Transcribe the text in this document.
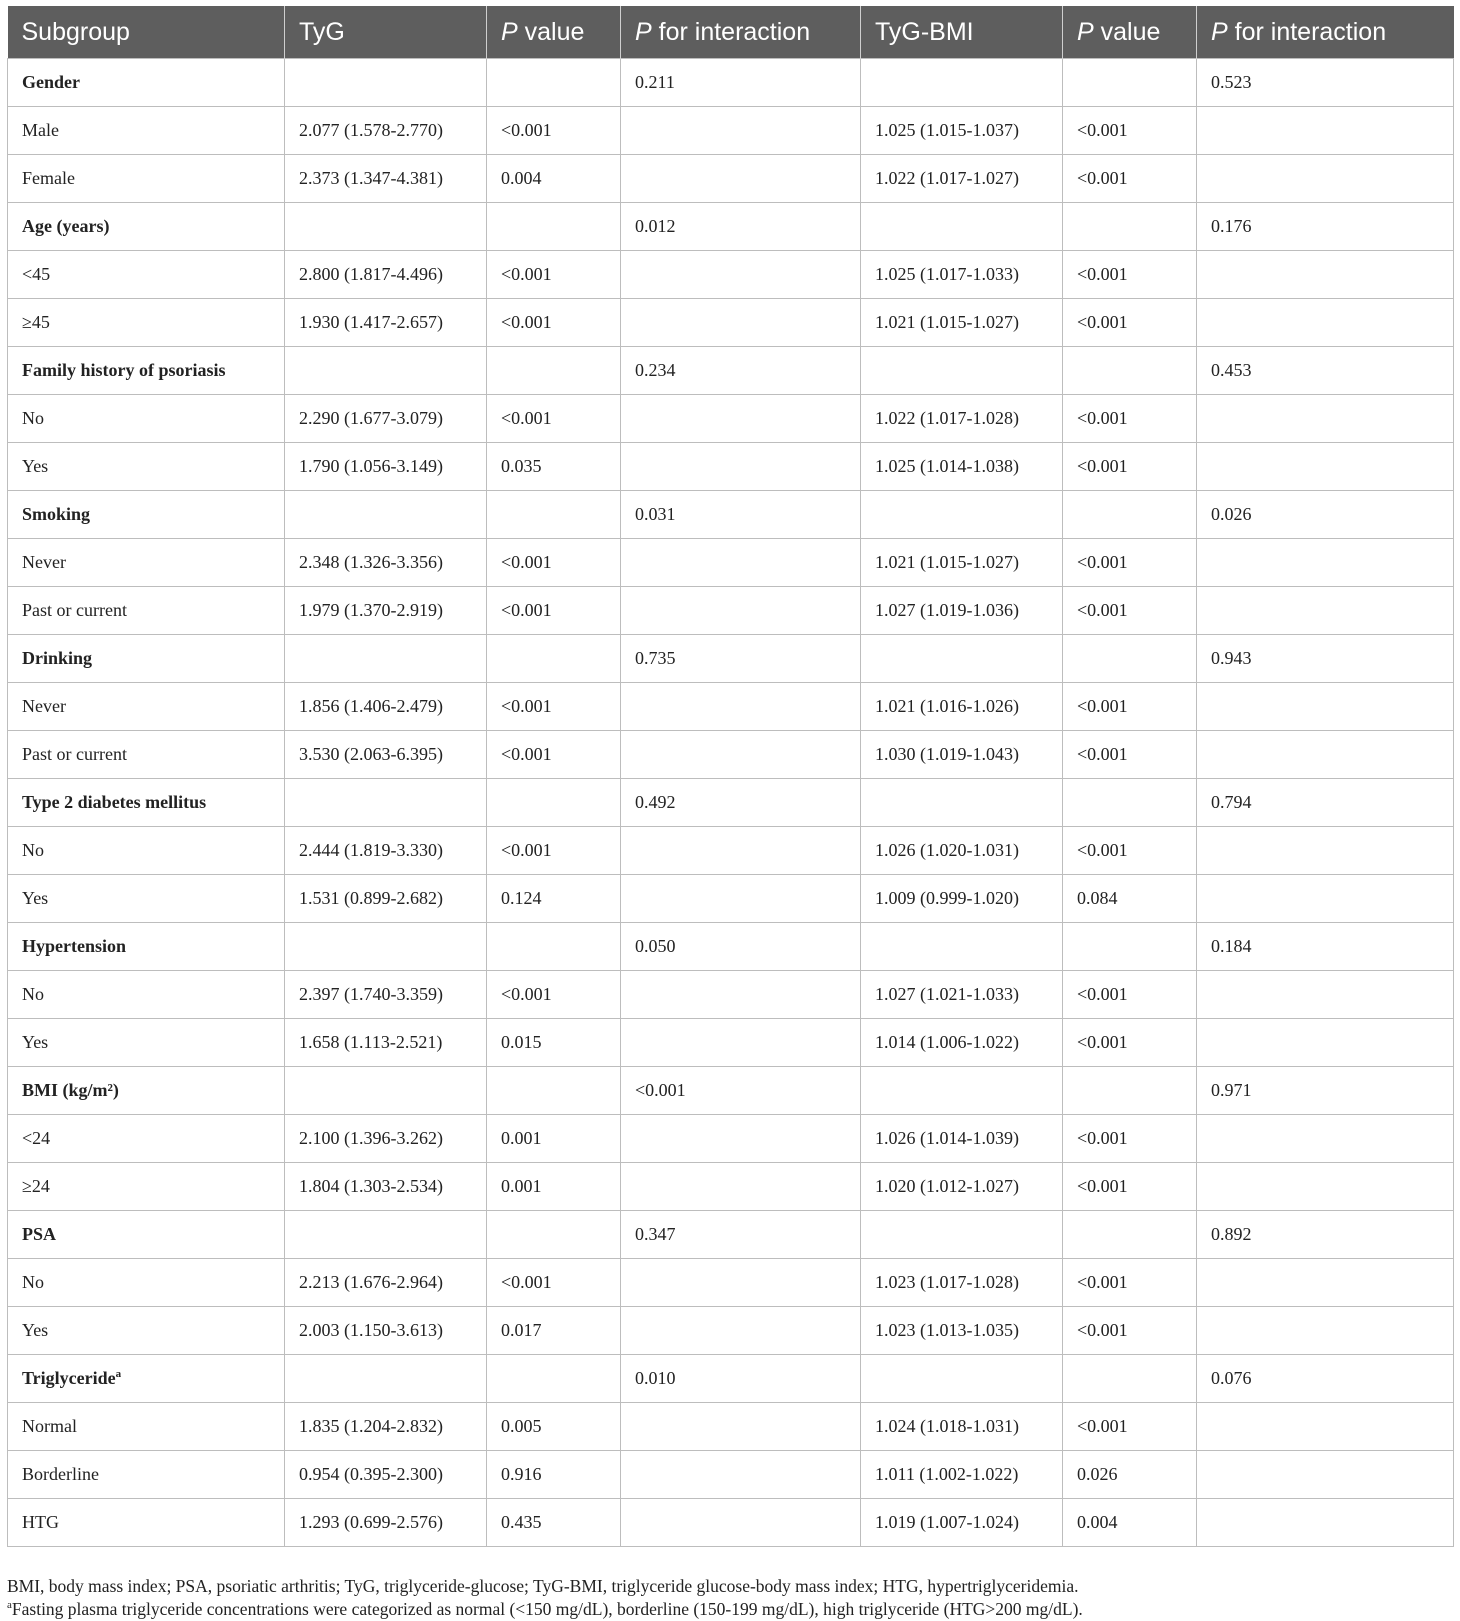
Subgroup	TyG	P value	P for interaction	TyG-BMI	P value	P for interaction
Gender			0.211			0.523
Male	2.077 (1.578-2.770)	<0.001		1.025 (1.015-1.037)	<0.001	
Female	2.373 (1.347-4.381)	0.004		1.022 (1.017-1.027)	<0.001	
Age (years)			0.012			0.176
<45	2.800 (1.817-4.496)	<0.001		1.025 (1.017-1.033)	<0.001	
≥45	1.930 (1.417-2.657)	<0.001		1.021 (1.015-1.027)	<0.001	
Family history of psoriasis			0.234			0.453
No	2.290 (1.677-3.079)	<0.001		1.022 (1.017-1.028)	<0.001	
Yes	1.790 (1.056-3.149)	0.035		1.025 (1.014-1.038)	<0.001	
Smoking			0.031			0.026
Never	2.348 (1.326-3.356)	<0.001		1.021 (1.015-1.027)	<0.001	
Past or current	1.979 (1.370-2.919)	<0.001		1.027 (1.019-1.036)	<0.001	
Drinking			0.735			0.943
Never	1.856 (1.406-2.479)	<0.001		1.021 (1.016-1.026)	<0.001	
Past or current	3.530 (2.063-6.395)	<0.001		1.030 (1.019-1.043)	<0.001	
Type 2 diabetes mellitus			0.492			0.794
No	2.444 (1.819-3.330)	<0.001		1.026 (1.020-1.031)	<0.001	
Yes	1.531 (0.899-2.682)	0.124		1.009 (0.999-1.020)	0.084	
Hypertension			0.050			0.184
No	2.397 (1.740-3.359)	<0.001		1.027 (1.021-1.033)	<0.001	
Yes	1.658 (1.113-2.521)	0.015		1.014 (1.006-1.022)	<0.001	
BMI (kg/m²)			<0.001			0.971
<24	2.100 (1.396-3.262)	0.001		1.026 (1.014-1.039)	<0.001	
≥24	1.804 (1.303-2.534)	0.001		1.020 (1.012-1.027)	<0.001	
PSA			0.347			0.892
No	2.213 (1.676-2.964)	<0.001		1.023 (1.017-1.028)	<0.001	
Yes	2.003 (1.150-3.613)	0.017		1.023 (1.013-1.035)	<0.001	
Triglyceride$^a$			0.010			0.076
Normal	1.835 (1.204-2.832)	0.005		1.024 (1.018-1.031)	<0.001	
Borderline	0.954 (0.395-2.300)	0.916		1.011 (1.002-1.022)	0.026	
HTG	1.293 (0.699-2.576)	0.435		1.019 (1.007-1.024)	0.004	

BMI, body mass index; PSA, psoriatic arthritis; TyG, triglyceride-glucose; TyG-BMI, triglyceride glucose-body mass index; HTG, hypertriglyceridemia.

$^a$Fasting plasma triglyceride concentrations were categorized as normal (<150 mg/dL), borderline (150-199 mg/dL), high triglyceride (HTG>200 mg/dL).
